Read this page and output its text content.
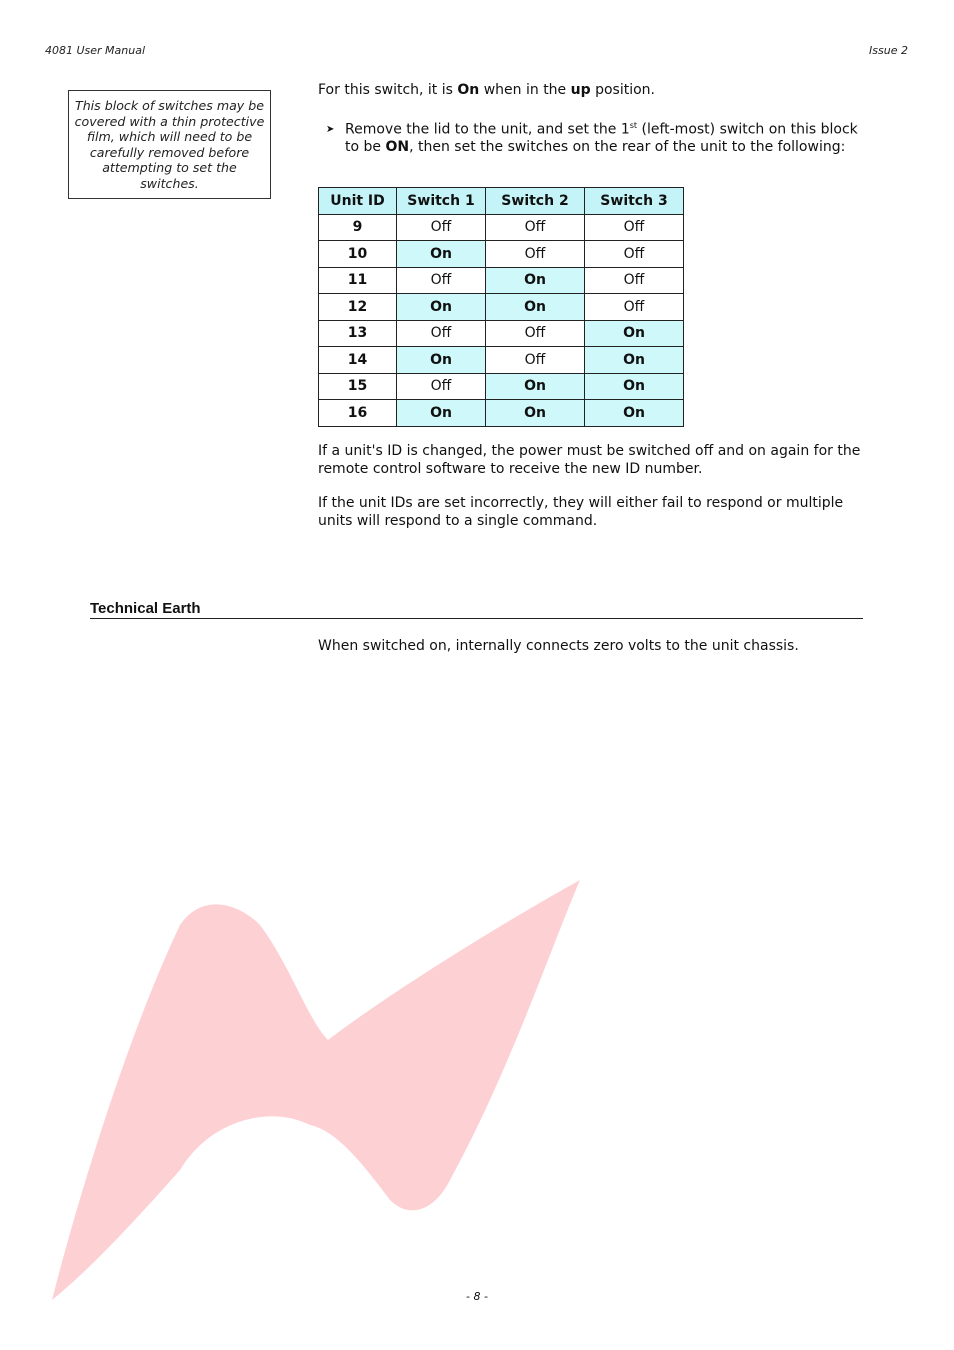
4081 User Manual	Issue 2
This block of switches may be covered with a thin protective film, which will need to be carefully removed before attempting to set the switches.
For this switch, it is On when in the up position.
➤ Remove the lid to the unit, and set the 1st (left-most) switch on this block to be ON, then set the switches on the rear of the unit to the following:
Unit ID	Switch 1	Switch 2	Switch 3
9	Off	Off	Off
10	On	Off	Off
11	Off	On	Off
12	On	On	Off
13	Off	Off	On
14	On	Off	On
15	Off	On	On
16	On	On	On
If a unit's ID is changed, the power must be switched off and on again for the remote control software to receive the new ID number.
If the unit IDs are set incorrectly, they will either fail to respond or multiple units will respond to a single command.
Technical Earth
When switched on, internally connects zero volts to the unit chassis.
- 8 -
